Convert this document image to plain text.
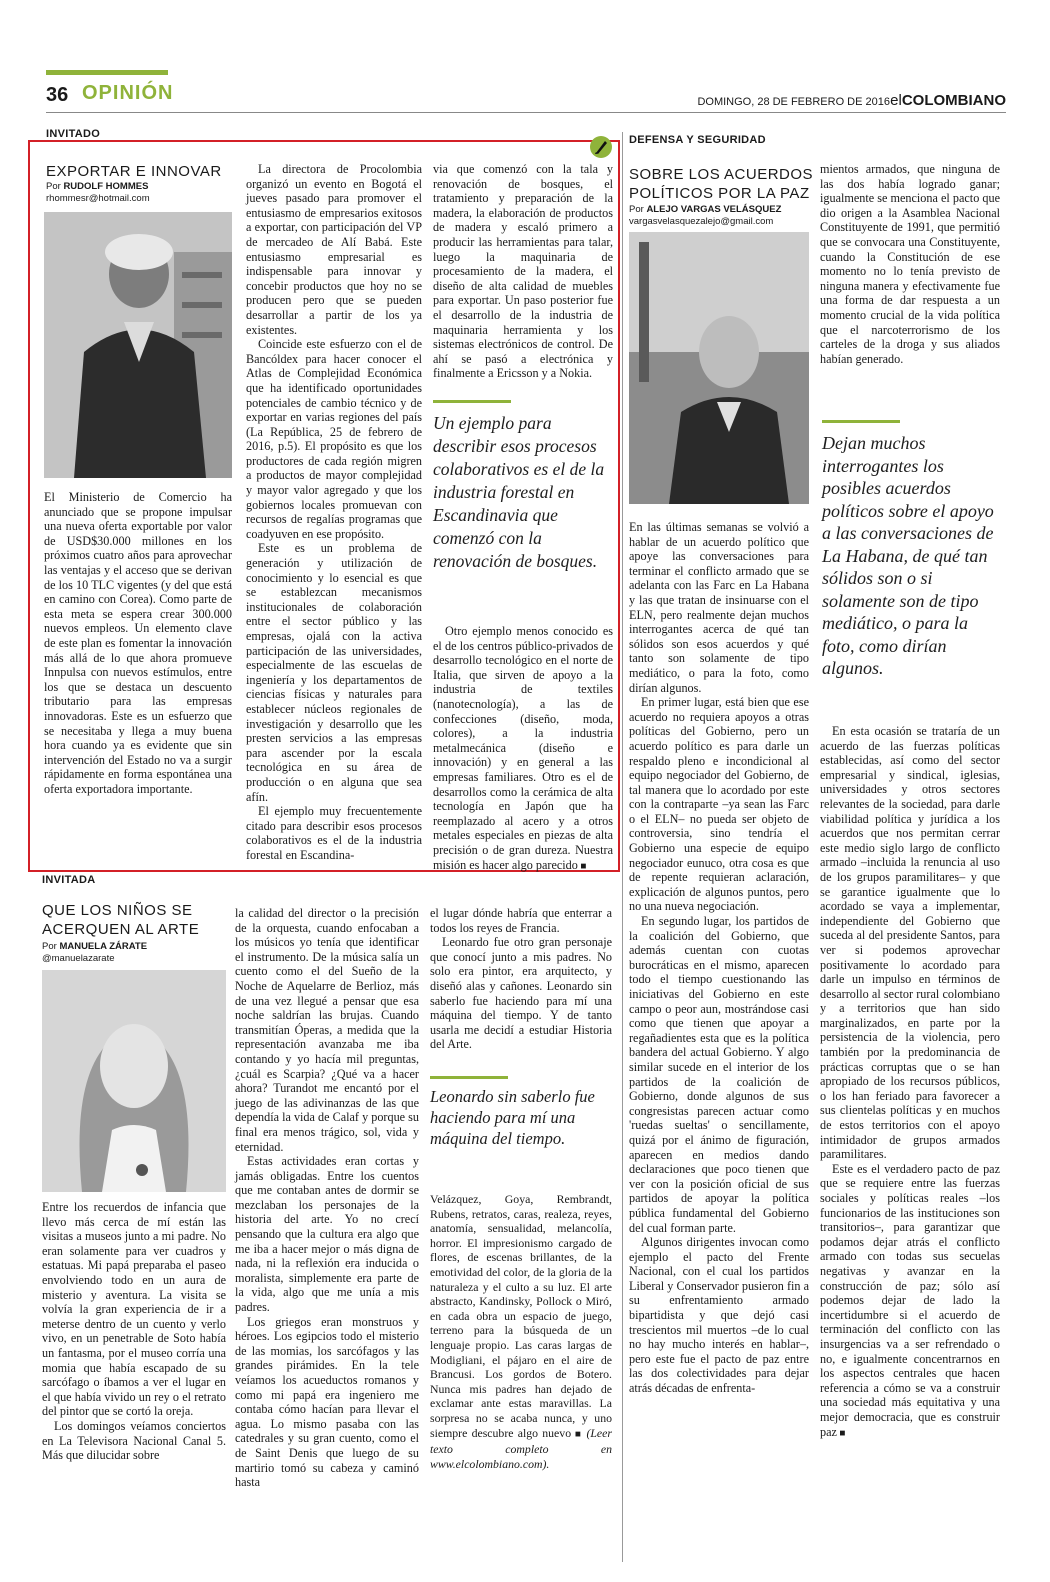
36 OPINIÓN	DOMINGO, 28 DE FEBRERO DE 2016 elCOLOMBIANO
INVITADO
EXPORTAR E INNOVAR
Por RUDOLF HOMMES
rhommesr@hotmail.com

El Ministerio de Comercio ha anunciado que se propone impulsar una nueva oferta exportable por valor de USD$30.000 millones en los próximos cuatro años para aprovechar las ventajas y el acceso que se derivan de los 10 TLC vigentes (y del que está en camino con Corea). Como parte de esta meta se espera crear 300.000 nuevos empleos. Un elemento clave de este plan es fomentar la innovación más allá de lo que ahora promueve Innpulsa con nuevos estímulos, entre los que se destaca un descuento tributario para las empresas innovadoras. Este es un esfuerzo que se necesitaba y llega a muy buena hora cuando ya es evidente que sin intervención del Estado no va a surgir rápidamente en forma espontánea una oferta exportadora importante.

La directora de Procolombia organizó un evento en Bogotá el jueves pasado para promover el entusiasmo de empresarios exitosos a exportar, con participación del VP de mercadeo de Alí Babá. Este entusiasmo empresarial es indispensable para innovar y concebir productos que hoy no se producen pero que se pueden desarrollar a partir de los ya existentes.

Coincide este esfuerzo con el de Bancóldex para hacer conocer el Atlas de Complejidad Económica que ha identificado oportunidades potenciales de cambio técnico y de exportar en varias regiones del país (La República, 25 de febrero de 2016, p.5). El propósito es que los productores de cada región migren a productos de mayor complejidad y mayor valor agregado y que los gobiernos locales promuevan con recursos de regalías programas que coadyuven en ese propósito.

Este es un problema de generación y utilización de conocimiento y lo esencial es que se establezcan mecanismos institucionales de colaboración entre el sector público y las empresas, ojalá con la activa participación de las universidades, especialmente de las escuelas de ingeniería y los departamentos de ciencias físicas y naturales para establecer núcleos regionales de investigación y desarrollo que les presten servicios a las empresas para ascender por la escala tecnológica en su área de producción o en alguna que sea afín.

El ejemplo muy frecuentemente citado para describir esos procesos colaborativos es el de la industria forestal en Escandina-

via que comenzó con la tala y renovación de bosques, el tratamiento y preparación de la madera, la elaboración de productos de madera y escaló primero a producir las herramientas para talar, luego la maquinaria de procesamiento de la madera, el diseño de alta calidad de muebles para exportar. Un paso posterior fue el desarrollo de la industria de maquinaria herramienta y los sistemas electrónicos de control. De ahí se pasó a electrónica y finalmente a Ericsson y a Nokia.

Un ejemplo para describir esos procesos colaborativos es el de la industria forestal en Escandinavia que comenzó con la renovación de bosques.

Otro ejemplo menos conocido es el de los centros público-privados de desarrollo tecnológico en el norte de Italia, que sirven de apoyo a la industria de textiles (nanotecnología), a las de confecciones (diseño, moda, colores), a la industria metalmecánica (diseño e innovación) y en general a las empresas familiares. Otro es el de desarrollos como la cerámica de alta tecnología en Japón que ha reemplazado al acero y a otros metales especiales en piezas de alta precisión o de gran dureza. Nuestra misión es hacer algo parecido ■

INVITADA
QUE LOS NIÑOS SE
ACERQUEN AL ARTE
Por MANUELA ZÁRATE
@manuelazarate

Entre los recuerdos de infancia que llevo más cerca de mí están las visitas a museos junto a mi padre. No eran solamente para ver cuadros y estatuas. Mi papá preparaba el paseo envolviendo todo en un aura de misterio y aventura. La visita se volvía la gran experiencia de ir a meterse dentro de un cuento y verlo vivo, en un penetrable de Soto había un fantasma, por el museo corría una momia que había escapado de su sarcófago o íbamos a ver el lugar en el que había vivido un rey o el retrato del pintor que se cortó la oreja.

Los domingos veíamos conciertos en La Televisora Nacional Canal 5. Más que dilucidar sobre

la calidad del director o la precisión de la orquesta, cuando enfocaban a los músicos yo tenía que identificar el instrumento. De la música salía un cuento como el del Sueño de la Noche de Aquelarre de Berlioz, más de una vez llegué a pensar que esa noche saldrían las brujas. Cuando transmitían Óperas, a medida que la representación avanzaba me iba contando y yo hacía mil preguntas, ¿cuál es Scarpia? ¿Qué va a hacer ahora? Turandot me encantó por el juego de las adivinanzas de las que dependía la vida de Calaf y porque su final era menos trágico, sol, vida y eternidad.

Estas actividades eran cortas y jamás obligadas. Entre los cuentos que me contaban antes de dormir se mezclaban los personajes de la historia del arte. Yo no crecí pensando que la cultura era algo que me iba a hacer mejor o más digna de nada, ni la reflexión era inducida o moralista, simplemente era parte de la vida, algo que me unía a mis padres.

Los griegos eran monstruos y héroes. Los egipcios todo el misterio de las momias, los sarcófagos y las grandes pirámides. En la tele veíamos los acueductos romanos y como mi papá era ingeniero me contaba cómo hacían para llevar el agua. Lo mismo pasaba con las catedrales y su gran cuento, como el de Saint Denis que luego de su martirio tomó su cabeza y caminó hasta

el lugar dónde habría que enterrar a todos los reyes de Francia.

Leonardo fue otro gran personaje que conocí junto a mis padres. No solo era pintor, era arquitecto, y diseñó alas y cañones. Leonardo sin saberlo fue haciendo para mí una máquina del tiempo. Y de tanto usarla me decidí a estudiar Historia del Arte.

Leonardo sin saberlo fue haciendo para mí una máquina del tiempo.

Velázquez, Goya, Rembrandt, Rubens, retratos, caras, realeza, reyes, anatomía, sensualidad, melancolía, horror. El impresionismo cargado de flores, de escenas brillantes, de la emotividad del color, de la gloria de la naturaleza y el culto a su luz. El arte abstracto, Kandinsky, Pollock o Miró, en cada obra un espacio de juego, terreno para la búsqueda de un lenguaje propio. Las caras largas de Modigliani, el pájaro en el aire de Brancusi. Los gordos de Botero. Nunca mis padres han dejado de exclamar ante estas maravillas. La sorpresa no se acaba nunca, y uno siempre descubre algo nuevo ■ (Leer texto completo en www.elcolombiano.com).

DEFENSA Y SEGURIDAD
SOBRE LOS ACUERDOS
POLÍTICOS POR LA PAZ
Por ALEJO VARGAS VELÁSQUEZ
vargasvelasquezalejo@gmail.com

En las últimas semanas se volvió a hablar de un acuerdo político que apoye las conversaciones para terminar el conflicto armado que se adelanta con las Farc en La Habana y las que tratan de insinuarse con el ELN, pero realmente dejan muchos interrogantes acerca de qué tan sólidos son esos acuerdos y qué tanto son solamente de tipo mediático, o para la foto, como dirían algunos.

En primer lugar, está bien que ese acuerdo no requiera apoyos a otras políticas del Gobierno, pero un acuerdo político es para darle un respaldo pleno e incondicional al equipo negociador del Gobierno, de tal manera que lo acordado por este con la contraparte –ya sean las Farc o el ELN– no pueda ser objeto de controversia, sino tendría el Gobierno una especie de equipo negociador eunuco, otra cosa es que de repente requieran aclaración, explicación de algunos puntos, pero no una nueva negociación.

En segundo lugar, los partidos de la coalición del Gobierno, que además cuentan con cuotas burocráticas en el mismo, aparecen todo el tiempo cuestionando las iniciativas del Gobierno en este campo o peor aun, mostrándose casi como que tienen que apoyar a regañadientes esta que es la política bandera del actual Gobierno. Y algo similar sucede en el interior de los partidos de la coalición de Gobierno, donde algunos de sus congresistas parecen actuar como 'ruedas sueltas' o sencillamente, quizá por el ánimo de figuración, aparecen en medios dando declaraciones que poco tienen que ver con la posición oficial de sus partidos de apoyar la política pública fundamental del Gobierno del cual forman parte.

Algunos dirigentes invocan como ejemplo el pacto del Frente Nacional, con el cual los partidos Liberal y Conservador pusieron fin a su enfrentamiento armado bipartidista y que dejó casi trescientos mil muertos –de lo cual no hay mucho interés en hablar–, pero este fue el pacto de paz entre las dos colectividades para dejar atrás décadas de enfrenta-

mientos armados, que ninguna de las dos había logrado ganar; igualmente se menciona el pacto que dio origen a la Asamblea Nacional Constituyente de 1991, que permitió que se convocara una Constituyente, cuando la Constitución de ese momento no lo tenía previsto de ninguna manera y efectivamente fue una forma de dar respuesta a un momento crucial de la vida política que el narcoterrorismo de los carteles de la droga y sus aliados habían generado.

Dejan muchos interrogantes los posibles acuerdos políticos sobre el apoyo a las conversaciones de La Habana, de qué tan sólidos son o si solamente son de tipo mediático, o para la foto, como dirían algunos.

En esta ocasión se trataría de un acuerdo de las fuerzas políticas establecidas, así como del sector empresarial y sindical, iglesias, universidades y otros sectores relevantes de la sociedad, para darle viabilidad política y jurídica a los acuerdos que nos permitan cerrar este medio siglo largo de conflicto armado –incluida la renuncia al uso de los grupos paramilitares– y que se garantice igualmente que lo acordado se vaya a implementar, independiente del Gobierno que suceda al del presidente Santos, para ver si podemos aprovechar positivamente lo acordado para darle un impulso en términos de desarrollo al sector rural colombiano y a territorios que han sido marginalizados, en parte por la persistencia de la violencia, pero también por la predominancia de prácticas corruptas que o se han apropiado de los recursos públicos, o los han feriado para favorecer a sus clientelas políticas y en muchos de estos territorios con el apoyo intimidador de grupos armados paramilitares.

Este es el verdadero pacto de paz que se requiere entre las fuerzas sociales y políticas reales –los funcionarios de las instituciones son transitorios–, para garantizar que podamos dejar atrás el conflicto armado con todas sus secuelas negativas y avanzar en la construcción de paz; sólo así podemos dejar de lado la incertidumbre si el acuerdo de terminación del conflicto con las insurgencias va a ser refrendado o no, e igualmente concentrarnos en los aspectos centrales que hacen referencia a cómo se va a construir una sociedad más equitativa y una mejor democracia, que es construir paz ■
